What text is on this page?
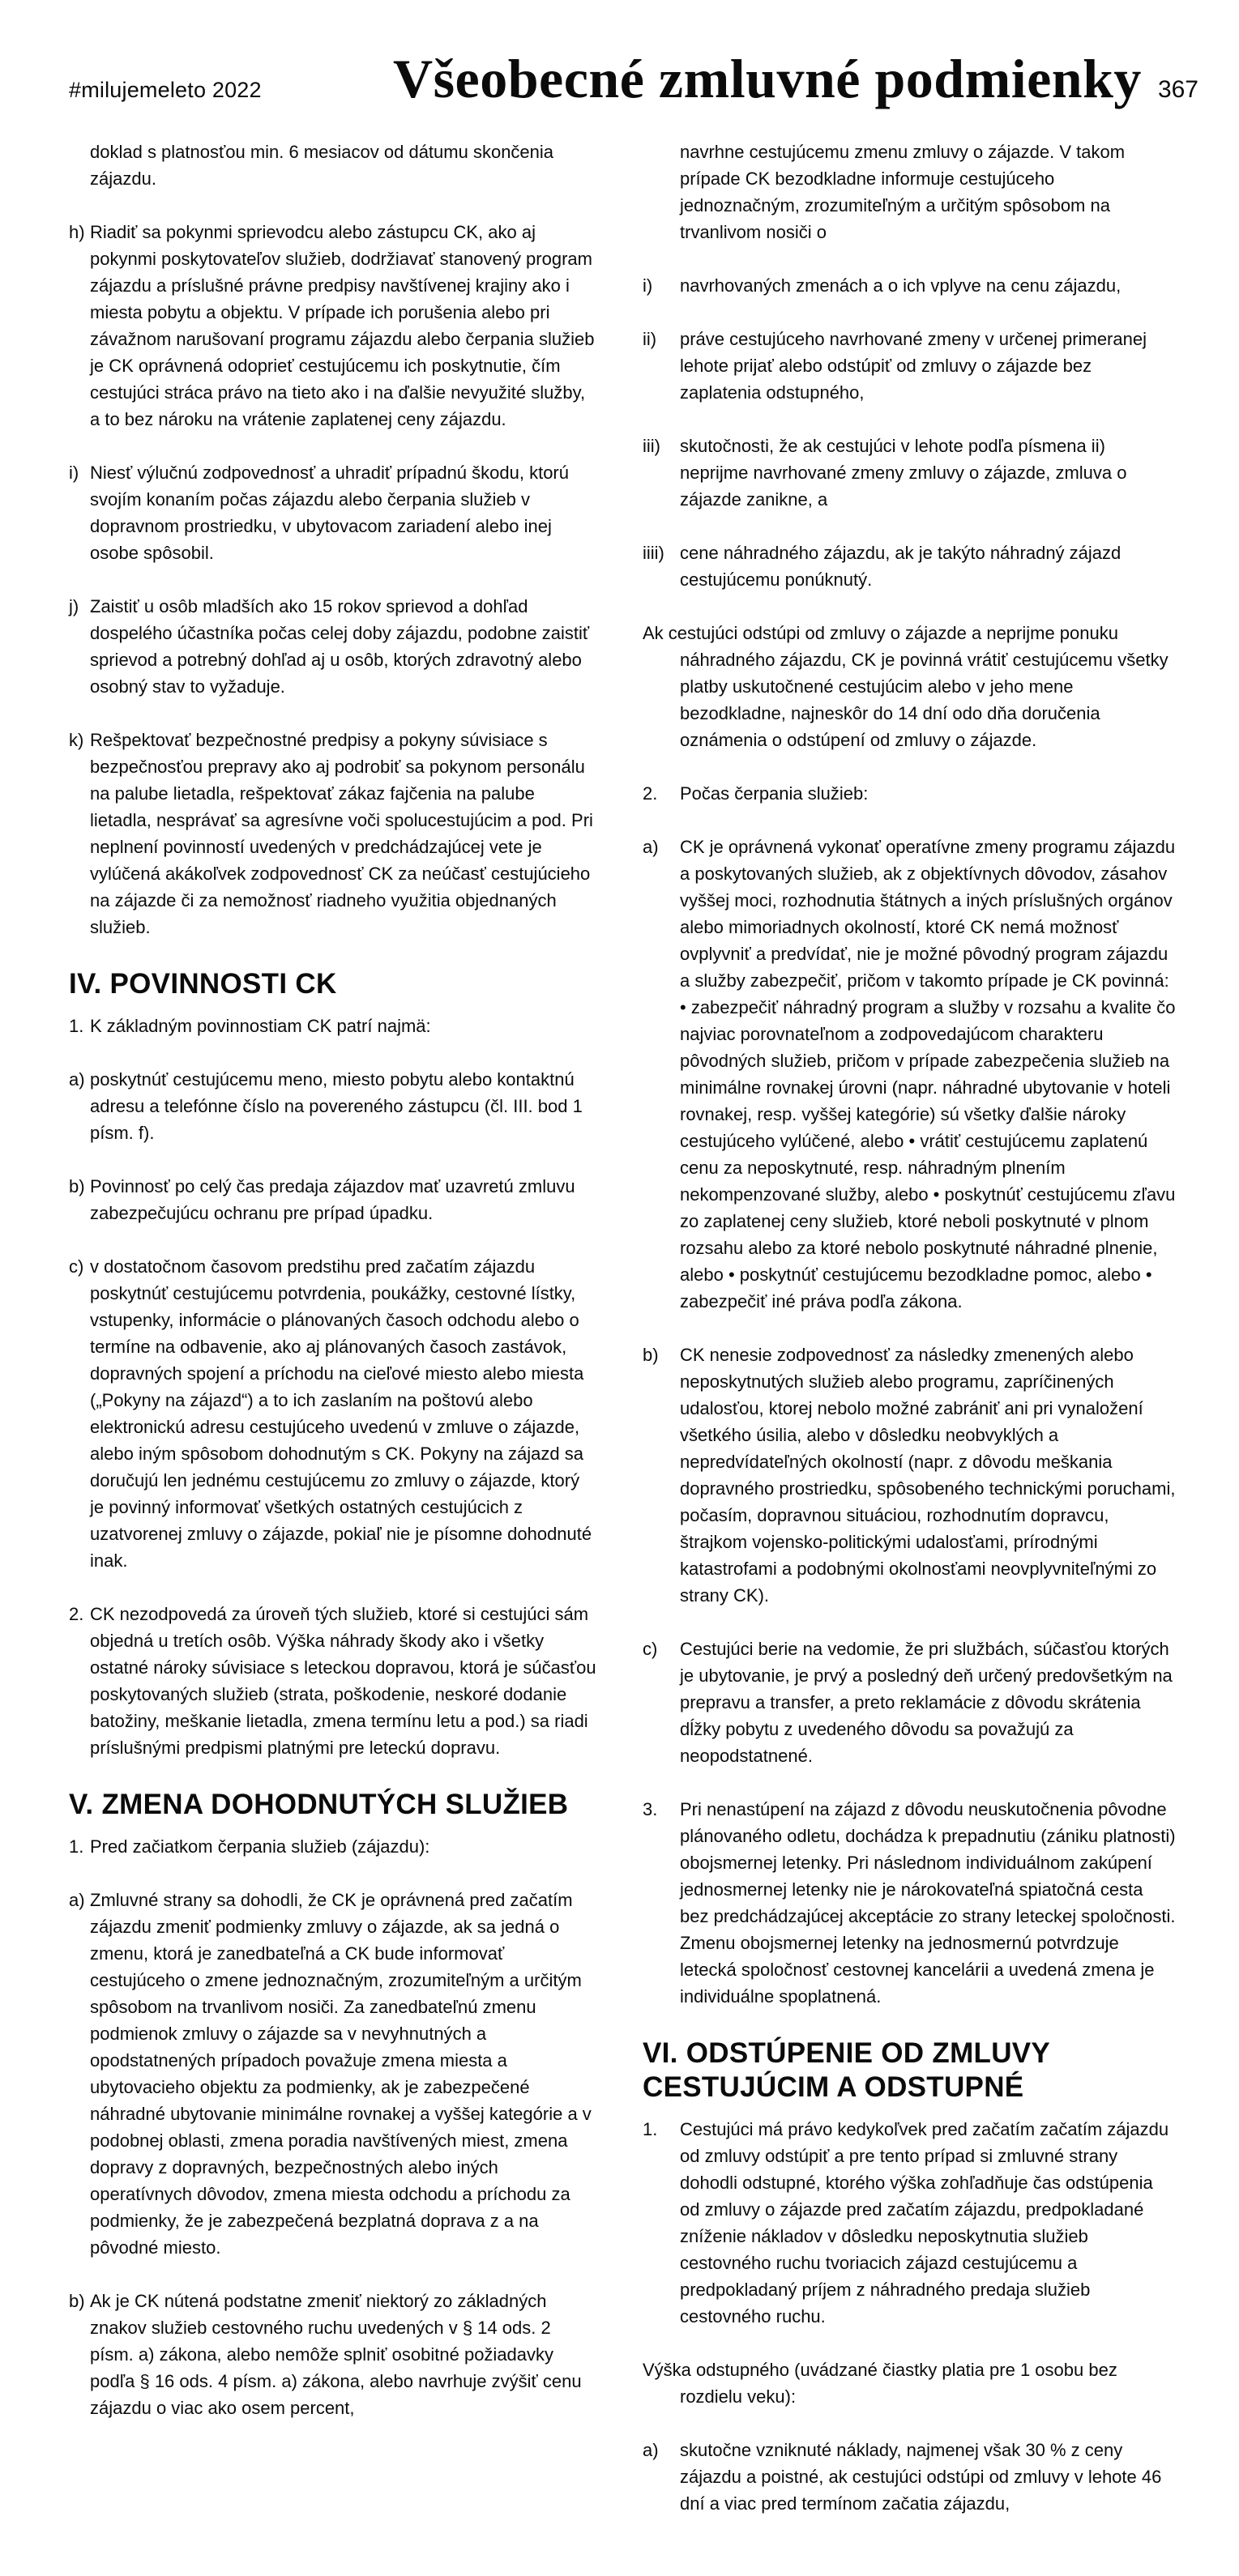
#milujemeleto 2022 Všeobecné zmluvné podmienky 367
doklad s platnosťou min. 6 mesiacov od dátumu skončenia zájazdu.
h) Riadiť sa pokynmi sprievodcu alebo zástupcu CK, ako aj pokynmi poskytovateľov služieb, dodržiavať stanovený program zájazdu a príslušné právne predpisy navštívenej krajiny ako i miesta pobytu a objektu. V prípade ich porušenia alebo pri závažnom narušovaní programu zájazdu alebo čerpania služieb je CK oprávnená odoprieť cestujúcemu ich poskytnutie, čím cestujúci stráca právo na tieto ako i na ďalšie nevyužité služby, a to bez nároku na vrátenie zaplatenej ceny zájazdu.
i) Niesť výlučnú zodpovednosť a uhradiť prípadnú škodu, ktorú svojím konaním počas zájazdu alebo čerpania služieb v dopravnom prostriedku, v ubytovacom zariadení alebo inej osobe spôsobil.
j) Zaistiť u osôb mladších ako 15 rokov sprievod a dohľad dospelého účastníka počas celej doby zájazdu, podobne zaistiť sprievod a potrebný dohľad aj u osôb, ktorých zdravotný alebo osobný stav to vyžaduje.
k) Rešpektovať bezpečnostné predpisy a pokyny súvisiace s bezpečnosťou prepravy ako aj podrobiť sa pokynom personálu na palube lietadla, rešpektovať zákaz fajčenia na palube lietadla, nesprávať sa agresívne voči spolucestujúcim a pod. Pri neplnení povinností uvedených v predchádzajúcej vete je vylúčená akákoľvek zodpovednosť CK za neúčasť cestujúcieho na zájazde či za nemožnosť riadneho využitia objednaných služieb.
IV. POVINNOSTI CK
1. K základným povinnostiam CK patrí najmä:
a) poskytnúť cestujúcemu meno, miesto pobytu alebo kontaktnú adresu a telefónne číslo na povereného zástupcu (čl. III. bod 1 písm. f).
b) Povinnosť po celý čas predaja zájazdov mať uzavretú zmluvu zabezpečujúcu ochranu pre prípad úpadku.
c) v dostatočnom časovom predstihu pred začatím zájazdu poskytnúť cestujúcemu potvrdenia, poukážky, cestovné lístky, vstupenky, informácie o plánovaných časoch odchodu alebo o termíne na odbavenie, ako aj plánovaných časoch zastávok, dopravných spojení a príchodu na cieľové miesto alebo miesta („Pokyny na zájazd“) a to ich zaslaním na poštovú alebo elektronickú adresu cestujúceho uvedenú v zmluve o zájazde, alebo iným spôsobom dohodnutým s CK. Pokyny na zájazd sa doručujú len jednému cestujúcemu zo zmluvy o zájazde, ktorý je povinný informovať všetkých ostatných cestujúcich z uzatvorenej zmluvy o zájazde, pokiaľ nie je písomne dohodnuté inak.
2. CK nezodpovedá za úroveň tých služieb, ktoré si cestujúci sám objedná u tretích osôb. Výška náhrady škody ako i všetky ostatné nároky súvisiace s leteckou dopravou, ktorá je súčasťou poskytovaných služieb (strata, poškodenie, neskoré dodanie batožiny, meškanie lietadla, zmena termínu letu a pod.) sa riadi príslušnými predpismi platnými pre leteckú dopravu.
V. ZMENA DOHODNUTÝCH SLUŽIEB
1. Pred začiatkom čerpania služieb (zájazdu):
a) Zmluvné strany sa dohodli, že CK je oprávnená pred začatím zájazdu zmeniť podmienky zmluvy o zájazde, ak sa jedná o zmenu, ktorá je zanedbateľná a CK bude informovať cestujúceho o zmene jednoznačným, zrozumiteľným a určitým spôsobom na trvanlivom nosiči. Za zanedbateľnú zmenu podmienok zmluvy o zájazde sa v nevyhnutných a opodstatnených prípadoch považuje zmena miesta a ubytovacieho objektu za podmienky, ak je zabezpečené náhradné ubytovanie minimálne rovnakej a vyššej kategórie a v podobnej oblasti, zmena poradia navštívených miest, zmena dopravy z dopravných, bezpečnostných alebo iných operatívnych dôvodov, zmena miesta odchodu a príchodu za podmienky, že je zabezpečená bezplatná doprava z a na pôvodné miesto.
b) Ak je CK nútená podstatne zmeniť niektorý zo základných znakov služieb cestovného ruchu uvedených v § 14 ods. 2 písm. a) zákona, alebo nemôže splniť osobitné požiadavky podľa § 16 ods. 4 písm. a) zákona, alebo navrhuje zvýšiť cenu zájazdu o viac ako osem percent,
navrhne cestujúcemu zmenu zmluvy o zájazde. V takom prípade CK bezodkladne informuje cestujúceho jednoznačným, zrozumiteľným a určitým spôsobom na trvanlivom nosiči o
i) navrhovaných zmenách a o ich vplyve na cenu zájazdu,
ii) práve cestujúceho navrhované zmeny v určenej primeranej lehote prijať alebo odstúpiť od zmluvy o zájazde bez zaplatenia odstupného,
iii) skutočnosti, že ak cestujúci v lehote podľa písmena ii) neprijme navrhované zmeny zmluvy o zájazde, zmluva o zájazde zanikne, a
iiii) cene náhradného zájazdu, ak je takýto náhradný zájazd cestujúcemu ponúknutý.
Ak cestujúci odstúpi od zmluvy o zájazde a neprijme ponuku náhradného zájazdu, CK je povinná vrátiť cestujúcemu všetky platby uskutočnené cestujúcim alebo v jeho mene bezodkladne, najneskôr do 14 dní odo dňa doručenia oznámenia o odstúpení od zmluvy o zájazde.
2. Počas čerpania služieb:
a) CK je oprávnená vykonať operatívne zmeny programu zájazdu a poskytovaných služieb, ak z objektívnych dôvodov, zásahov vyššej moci, rozhodnutia štátnych a iných príslušných orgánov alebo mimoriadnych okolností, ktoré CK nemá možnosť ovplyvniť a predvídať, nie je možné pôvodný program zájazdu a služby zabezpečiť, pričom v takomto prípade je CK povinná: • zabezpečiť náhradný program a služby v rozsahu a kvalite čo najviac porovnateľnom a zodpovedajúcom charakteru pôvodných služieb, pričom v prípade zabezpečenia služieb na minimálne rovnakej úrovni (napr. náhradné ubytovanie v hoteli rovnakej, resp. vyššej kategórie) sú všetky ďalšie nároky cestujúceho vylúčené, alebo • vrátiť cestujúcemu zaplatenú cenu za neposkytnuté, resp. náhradným plnením nekompenzované služby, alebo • poskytnúť cestujúcemu zľavu zo zaplatenej ceny služieb, ktoré neboli poskytnuté v plnom rozsahu alebo za ktoré nebolo poskytnuté náhradné plnenie, alebo • poskytnúť cestujúcemu bezodkladne pomoc, alebo • zabezpečiť iné práva podľa zákona.
b) CK nenesie zodpovednosť za následky zmenených alebo neposkytnutých služieb alebo programu, zapríčinených udalosťou, ktorej nebolo možné zabrániť ani pri vynaložení všetkého úsilia, alebo v dôsledku neobvyklých a nepredvídateľných okolností (napr. z dôvodu meškania dopravného prostriedku, spôsobeného technickými poruchami, počasím, dopravnou situáciou, rozhodnutím dopravcu, štrajkom vojensko-politickými udalosťami, prírodnými katastrofami a podobnými okolnosťami neovplyvniteľnými zo strany CK).
c) Cestujúci berie na vedomie, že pri službách, súčasťou ktorých je ubytovanie, je prvý a posledný deň určený predovšetkým na prepravu a transfer, a preto reklamácie z dôvodu skrátenia dĺžky pobytu z uvedeného dôvodu sa považujú za neopodstatnené.
3. Pri nenastúpení na zájazd z dôvodu neuskutočnenia pôvodne plánovaného odletu, dochádza k prepadnutiu (zániku platnosti) obojsmernej letenky. Pri následnom individuálnom zakúpení jednosmernej letenky nie je nárokovateľná spiatočná cesta bez predchádzajúcej akceptácie zo strany leteckej spoločnosti. Zmenu obojsmernej letenky na jednosmernú potvrdzuje letecká spoločnosť cestovnej kancelárii a uvedená zmena je individuálne spoplatnená.
VI. ODSTÚPENIE OD ZMLUVY CESTUJÚCIM A ODSTUPNÉ
1. Cestujúci má právo kedykoľvek pred začatím začatím zájazdu od zmluvy odstúpiť a pre tento prípad si zmluvné strany dohodli odstupné, ktorého výška zohľadňuje čas odstúpenia od zmluvy o zájazde pred začatím zájazdu, predpokladané zníženie nákladov v dôsledku neposkytnutia služieb cestovného ruchu tvoriacich zájazd cestujúcemu a predpokladaný príjem z náhradného predaja služieb cestovného ruchu.
Výška odstupného (uvádzané čiastky platia pre 1 osobu bez rozdielu veku):
a) skutočne vzniknuté náklady, najmenej však 30 % z ceny zájazdu a poistné, ak cestujúci odstúpi od zmluvy v lehote 46 dní a viac pred termínom začatia zájazdu,
